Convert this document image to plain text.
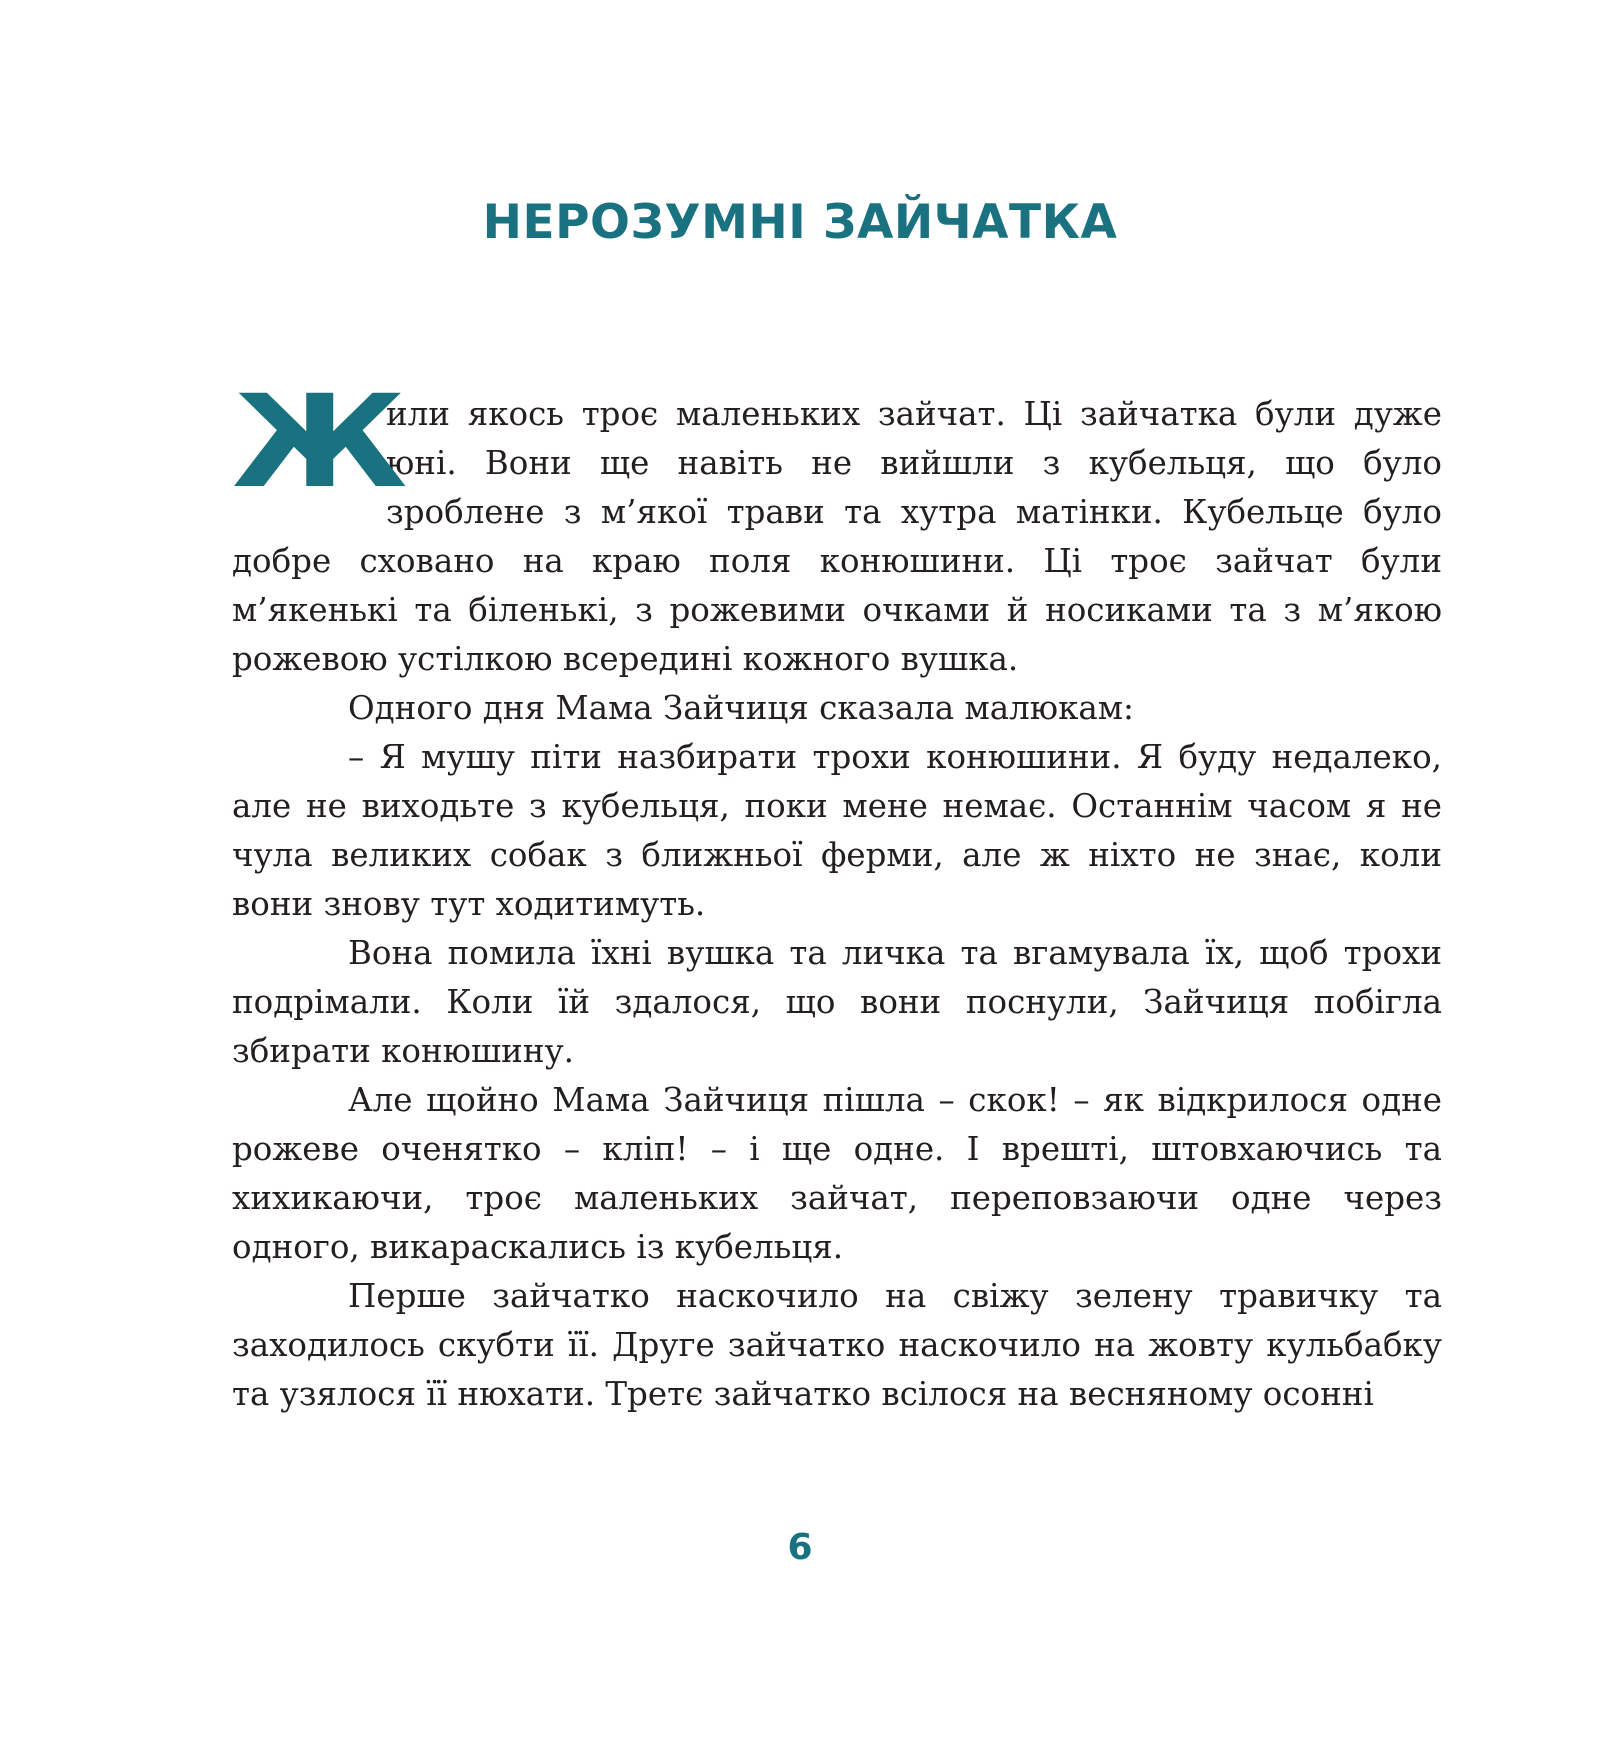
НЕРОЗУМНІ ЗАЙЧАТКА

Ж
или якось троє маленьких зайчат. Ці зайчатка були дуже юні. Вони ще навіть не вийшли з кубельця, що було зроблене з м’якої трави та хутра матінки. Кубельце було добре сховано на краю поля конюшини. Ці троє зайчат були м’якенькі та біленькі, з рожевими очками й носиками та з м’якою рожевою устілкою всередині кожного вушка.

Одного дня Мама Зайчиця сказала малюкам:

– Я мушу піти назбирати трохи конюшини. Я буду недалеко, але не виходьте з кубельця, поки мене немає. Останнім часом я не чула великих собак з ближньої ферми, але ж ніхто не знає, коли вони знову тут ходитимуть.

Вона помила їхні вушка та личка та вгамувала їх, щоб трохи подрімали. Коли їй здалося, що вони поснули, Зайчиця побігла збирати конюшину.

Але щойно Мама Зайчиця пішла – скок! – як відкрилося одне рожеве оченятко – кліп! – і ще одне. І врешті, штовхаючись та хихикаючи, троє маленьких зайчат, переповзаючи одне через одного, викараскались із кубельця.

Перше зайчатко наскочило на свіжу зелену травичку та заходилось скубти її. Друге зайчатко наскочило на жовту кульбабку та узялося її нюхати. Третє зайчатко всілося на весняному осонні

6
